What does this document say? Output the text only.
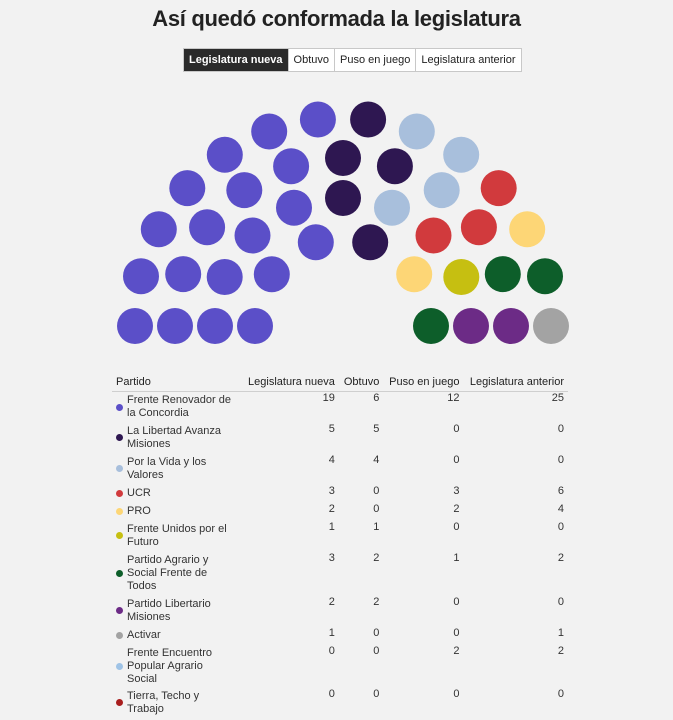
Así quedó conformada la legislatura
Legislatura nueva	Obtuvo	Puso en juego	Legislatura anterior
Partido	Legislatura nueva	Obtuvo	Puso en juego	Legislatura anterior

Frente Renovador de la Concordia	19	6	12	25

La Libertad Avanza Misiones	5	5	0	0

Por la Vida y los Valores	4	4	0	0

UCR	3	0	3	6

PRO	2	0	2	4

Frente Unidos por el Futuro	1	1	0	0

Partido Agrario y Social Frente de Todos	3	2	1	2

Partido Libertario Misiones	2	2	0	0

Activar	1	0	0	1

Frente Encuentro Popular Agrario Social	0	0	2	2

Tierra, Techo y Trabajo	0	0	0	0
